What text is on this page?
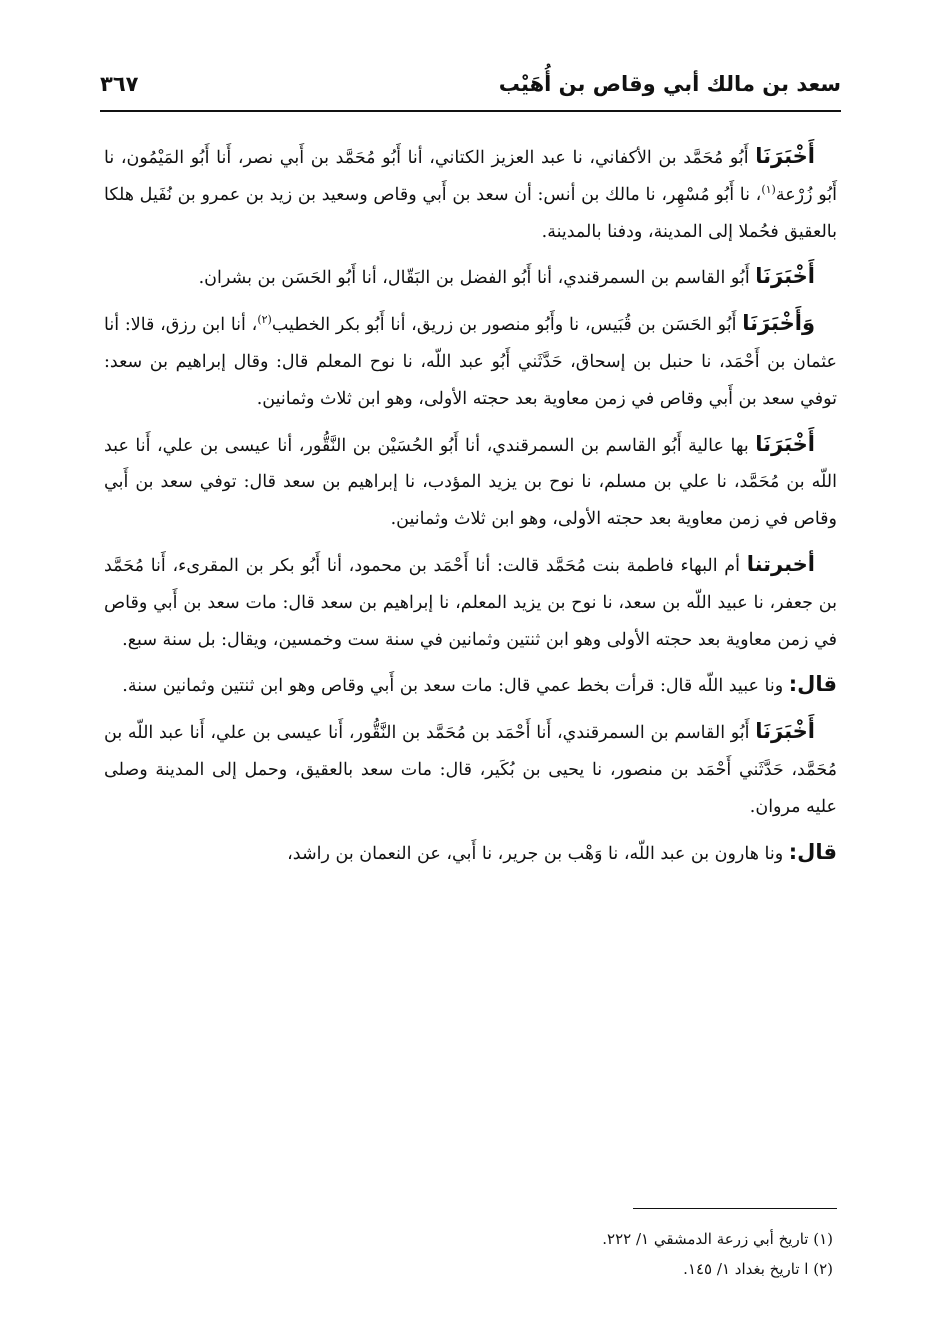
سعد بن مالك أبي وقاص بن أُهَيْب
٣٦٧

أَخْبَرَنَا أَبُو مُحَمَّد بن الأكفاني، نا عبد العزيز الكتاني، أنا أَبُو مُحَمَّد بن أَبي نصر، أَنا أَبُو المَيْمُون، نا أَبُو زُرْعة$^{(١)}$، نا أَبُو مُسْهِر، نا مالك بن أنس: أن سعد بن أَبي وقاص وسعيد بن زيد بن عمرو بن نُفَيل هلكا بالعقيق فحُملا إلى المدينة، ودفنا بالمدينة.

أَخْبَرَنَا أَبُو القاسم بن السمرقندي، أنا أَبُو الفضل بن البَقّال، أنا أَبُو الحَسَن بن بشران.

وَأَخْبَرَنَا أَبُو الحَسَن بن قُبَيس، نا وأَبُو منصور بن زريق، أنا أَبُو بكر الخطيب$^{(٢)}$، أنا ابن رزق، قالا: أنا عثمان بن أَحْمَد، نا حنبل بن إسحاق، حَدَّثَني أَبُو عبد اللّه، نا نوح المعلم قال: وقال إبراهيم بن سعد: توفي سعد بن أَبي وقاص في زمن معاوية بعد حجته الأولى، وهو ابن ثلاث وثمانين.

أَخْبَرَنَا بها عالية أَبُو القاسم بن السمرقندي، أنا أَبُو الحُسَيْن بن النَّقُّور، أنا عيسى بن علي، أَنا عبد اللّه بن مُحَمَّد، نا علي بن مسلم، نا نوح بن يزيد المؤدب، نا إبراهيم بن سعد قال: توفي سعد بن أَبي وقاص في زمن معاوية بعد حجته الأولى، وهو ابن ثلاث وثمانين.

أخبرتنا أم البهاء فاطمة بنت مُحَمَّد قالت: أنا أَحْمَد بن محمود، أنا أَبُو بكر بن المقرىء، أَنا مُحَمَّد بن جعفر، نا عبيد اللّه بن سعد، نا نوح بن يزيد المعلم، نا إبراهيم بن سعد قال: مات سعد بن أَبي وقاص في زمن معاوية بعد حجته الأولى وهو ابن ثنتين وثمانين في سنة ست وخمسين، ويقال: بل سنة سبع.

قال: ونا عبيد اللّه قال: قرأت بخط عمي قال: مات سعد بن أَبي وقاص وهو ابن ثنتين وثمانين سنة.

أَخْبَرَنَا أَبُو القاسم بن السمرقندي، أَنا أَحْمَد بن مُحَمَّد بن النَّقُّور، أَنا عيسى بن علي، أَنا عبد اللّه بن مُحَمَّد، حَدَّثَني أَحْمَد بن منصور، نا يحيى بن بُكَير، قال: مات سعد بالعقيق، وحمل إلى المدينة وصلى عليه مروان.

قال: ونا هارون بن عبد اللّه، نا وَهْب بن جرير، نا أَبي، عن النعمان بن راشد،

(١) تاريخ أبي زرعة الدمشقي ١/ ٢٢٢.
(٢) ا تاريخ بغداد ١/ ١٤٥.
